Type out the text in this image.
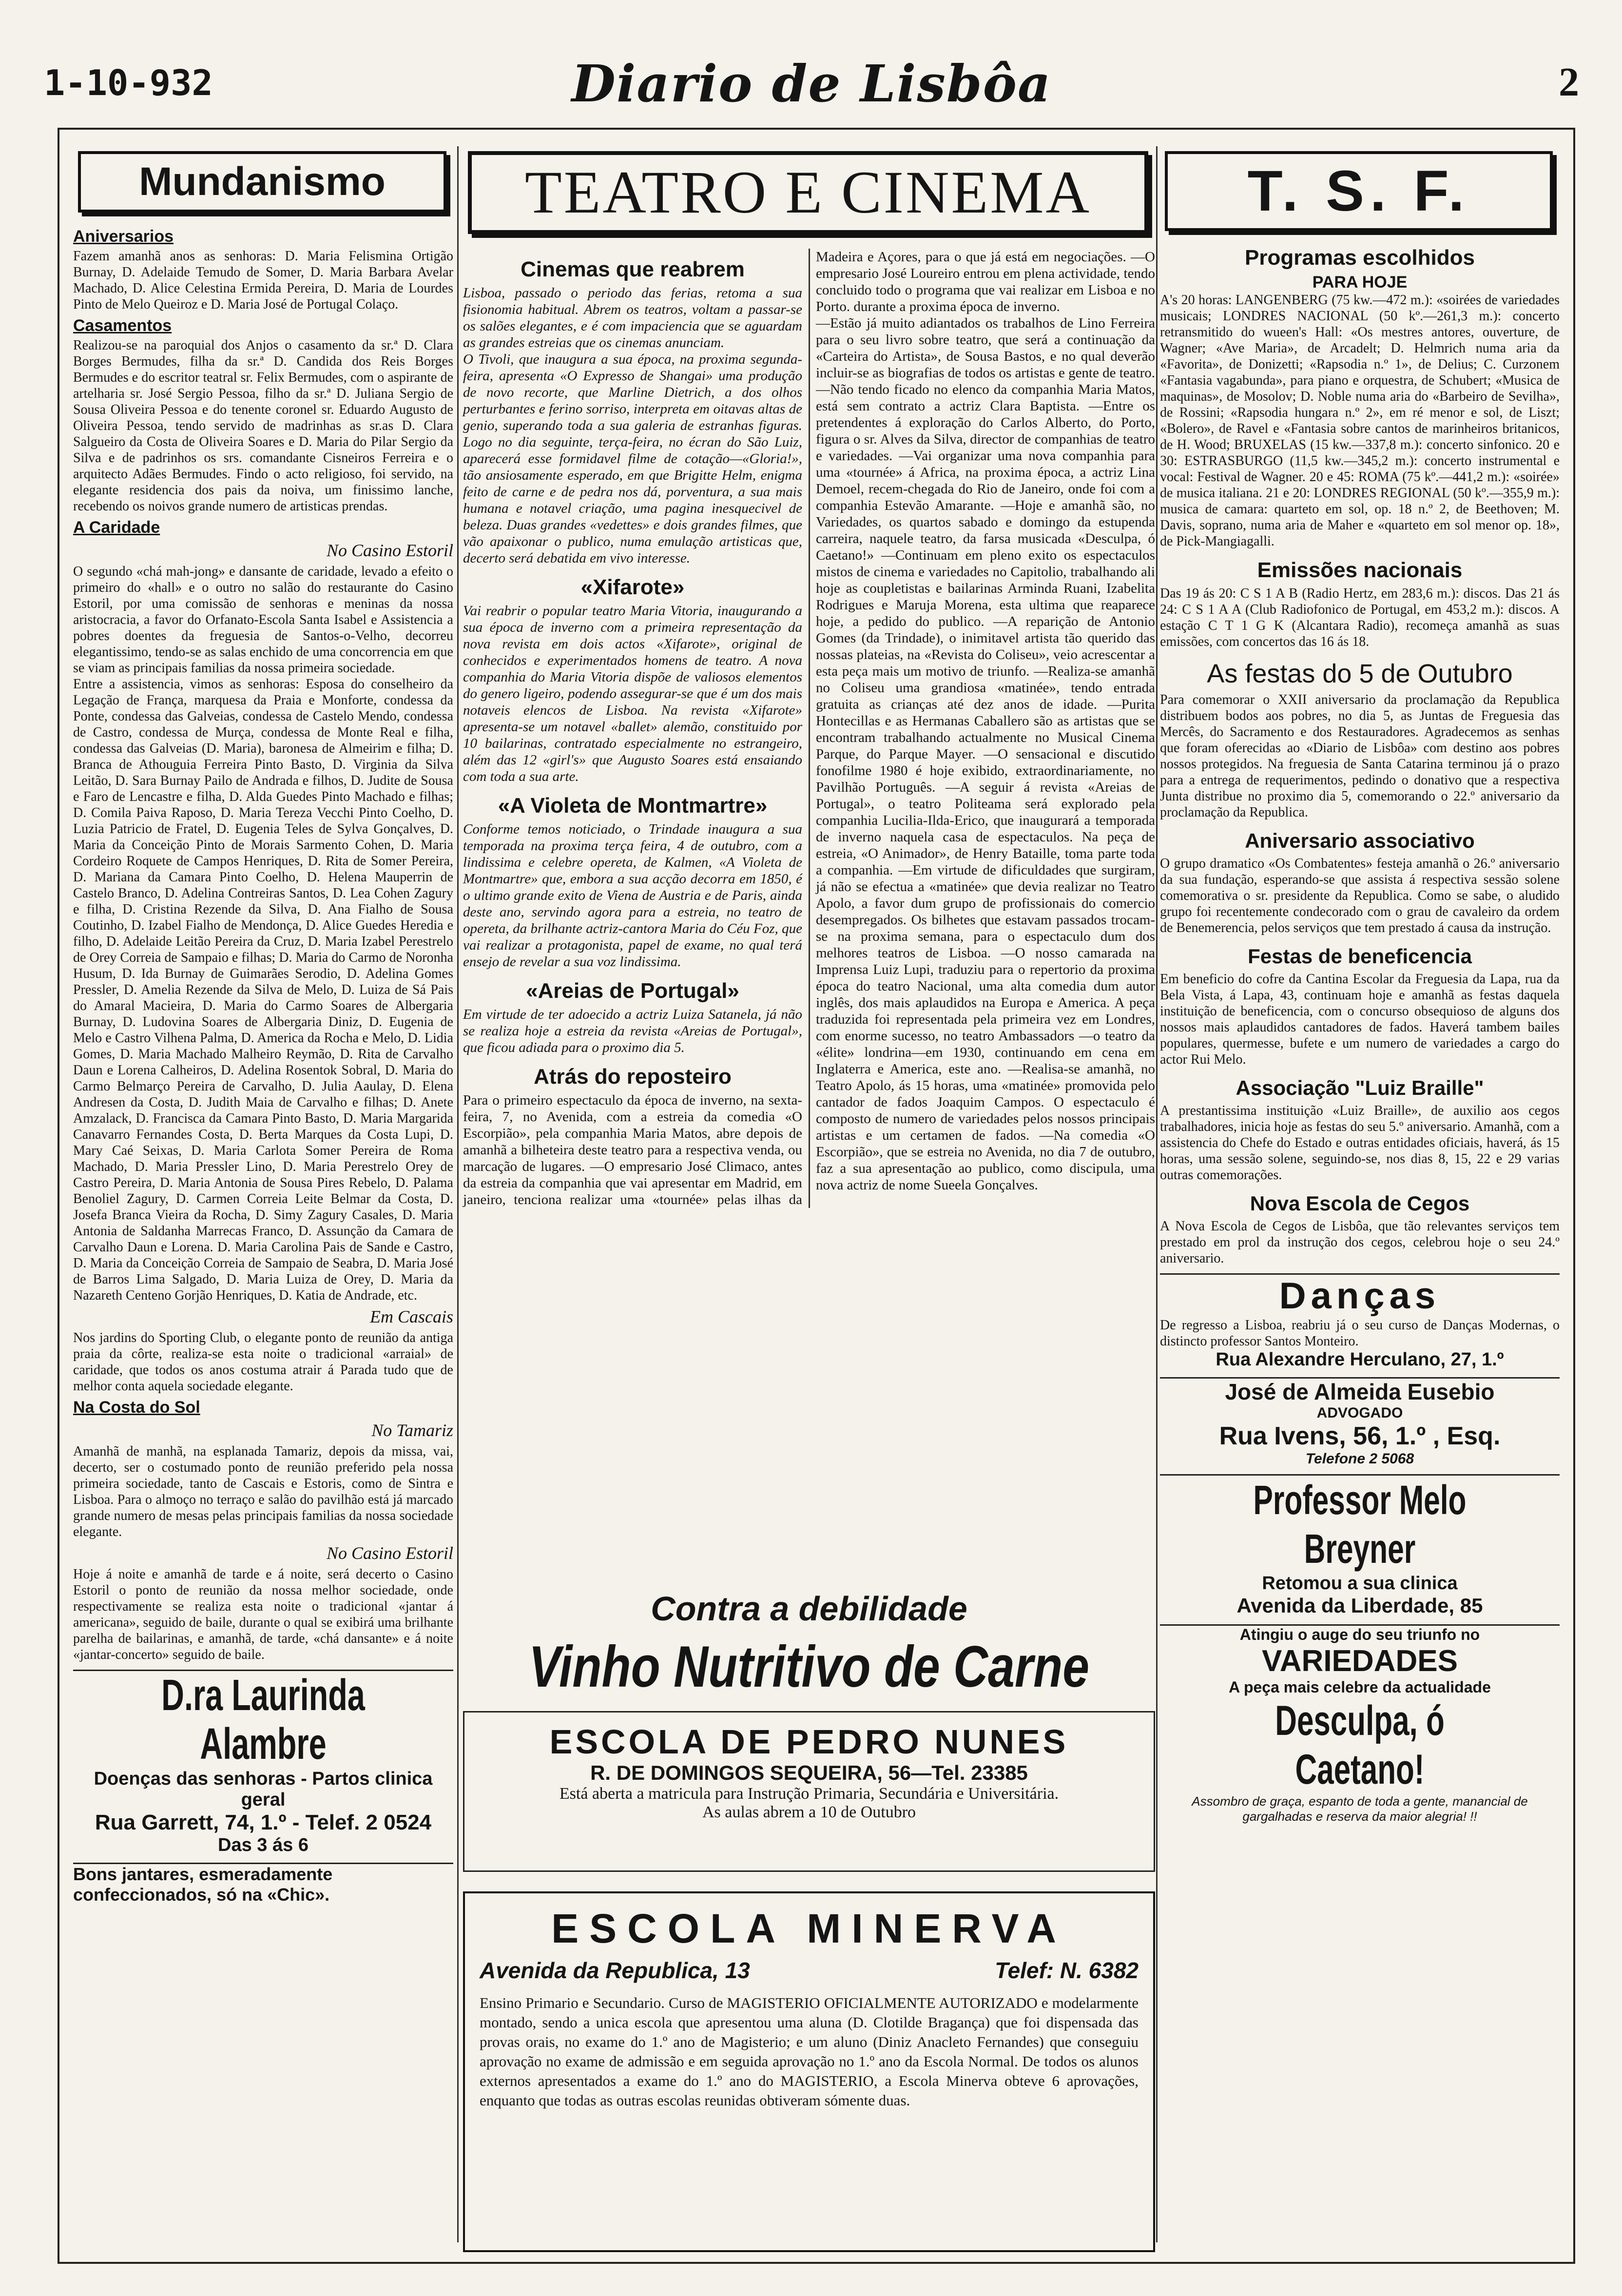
1-10-932	Diario de Lisbôa	2
Mundanismo
Aniversarios

Fazem amanhã anos as senhoras: D. Maria Felismina Ortigão Burnay, D. Adelaide Temudo de Somer, D. Maria Barbara Avelar Machado, D. Alice Celestina Ermida Pereira, D. Maria de Lourdes Pinto de Melo Queiroz e D. Maria José de Portugal Colaço.

Casamentos

Realizou-se na paroquial dos Anjos o casamento da sr.ª D. Clara Borges Bermudes, filha da sr.ª D. Candida dos Reis Borges Bermudes e do escritor teatral sr. Felix Bermudes, com o aspirante de artelharia sr. José Sergio Pessoa, filho da sr.ª D. Juliana Sergio de Sousa Oliveira Pessoa e do tenente coronel sr. Eduardo Augusto de Oliveira Pessoa, tendo servido de madrinhas as sr.as D. Clara Salgueiro da Costa de Oliveira Soares e D. Maria do Pilar Sergio da Silva e de padrinhos os srs. comandante Cisneiros Ferreira e o arquitecto Adães Bermudes. Findo o acto religioso, foi servido, na elegante residencia dos pais da noiva, um finissimo lanche, recebendo os noivos grande numero de artisticas prendas.

A Caridade
No Casino Estoril

O segundo «chá mah-jong» e dansante de caridade, levado a efeito o primeiro do «hall» e o outro no salão do restaurante do Casino Estoril, por uma comissão de senhoras e meninas da nossa aristocracia, a favor do Orfanato-Escola Santa Isabel e Assistencia a pobres doentes da freguesia de Santos-o-Velho, decorreu elegantissimo, tendo-se as salas enchido de uma concorrencia em que se viam as principais familias da nossa primeira sociedade.

Entre a assistencia, vimos as senhoras: Esposa do conselheiro da Legação de França, marquesa da Praia e Monforte, condessa da Ponte, condessa das Galveias, condessa de Castelo Mendo, condessa de Castro, condessa de Murça, condessa de Monte Real e filha, condessa das Galveias (D. Maria), baronesa de Almeirim e filha; D. Branca de Athouguia Ferreira Pinto Basto, D. Virginia da Silva Leitão, D. Sara Burnay Pailo de Andrada e filhos, D. Judite de Sousa e Faro de Lencastre e filha, D. Alda Guedes Pinto Machado e filhas; D. Comila Paiva Raposo, D. Maria Tereza Vecchi Pinto Coelho, D. Luzia Patricio de Fratel, D. Eugenia Teles de Sylva Gonçalves, D. Maria da Conceição Pinto de Morais Sarmento Cohen, D. Maria Cordeiro Roquete de Campos Henriques, D. Rita de Somer Pereira, D. Mariana da Camara Pinto Coelho, D. Helena Mauperrin de Castelo Branco, D. Adelina Contreiras Santos, D. Lea Cohen Zagury e filha, D. Cristina Rezende da Silva, D. Ana Fialho de Sousa Coutinho, D. Izabel Fialho de Mendonça, D. Alice Guedes Heredia e filho, D. Adelaide Leitão Pereira da Cruz, D. Maria Izabel Perestrelo de Orey Correia de Sampaio e filhas; D. Maria do Carmo de Noronha Husum, D. Ida Burnay de Guimarães Serodio, D. Adelina Gomes Pressler, D. Amelia Rezende da Silva de Melo, D. Luiza de Sá Pais do Amaral Macieira, D. Maria do Carmo Soares de Albergaria Burnay, D. Ludovina Soares de Albergaria Diniz, D. Eugenia de Melo e Castro Vilhena Palma, D. America da Rocha e Melo, D. Lidia Gomes, D. Maria Machado Malheiro Reymão, D. Rita de Carvalho Daun e Lorena Calheiros, D. Adelina Rosentok Sobral, D. Maria do Carmo Belmarço Pereira de Carvalho, D. Julia Aaulay, D. Elena Andresen da Costa, D. Judith Maia de Carvalho e filhas; D. Anete Amzalack, D. Francisca da Camara Pinto Basto, D. Maria Margarida Canavarro Fernandes Costa, D. Berta Marques da Costa Lupi, D. Mary Caé Seixas, D. Maria Carlota Somer Pereira de Roma Machado, D. Maria Pressler Lino, D. Maria Perestrelo Orey de Castro Pereira, D. Maria Antonia de Sousa Pires Rebelo, D. Palama Benoliel Zagury, D. Carmen Correia Leite Belmar da Costa, D. Josefa Branca Vieira da Rocha, D. Simy Zagury Casales, D. Maria Antonia de Saldanha Marrecas Franco, D. Assunção da Camara de Carvalho Daun e Lorena. D. Maria Carolina Pais de Sande e Castro, D. Maria da Conceição Correia de Sampaio de Seabra, D. Maria José de Barros Lima Salgado, D. Maria Luiza de Orey, D. Maria da Nazareth Centeno Gorjão Henriques, D. Katia de Andrade, etc.

Em Cascais

Nos jardins do Sporting Club, o elegante ponto de reunião da antiga praia da côrte, realiza-se esta noite o tradicional «arraial» de caridade, que todos os anos costuma atrair á Parada tudo que de melhor conta aquela sociedade elegante.

Na Costa do Sol
No Tamariz

Amanhã de manhã, na esplanada Tamariz, depois da missa, vai, decerto, ser o costumado ponto de reunião preferido pela nossa primeira sociedade, tanto de Cascais e Estoris, como de Sintra e Lisboa. Para o almoço no terraço e salão do pavilhão está já marcado grande numero de mesas pelas principais familias da nossa sociedade elegante.

No Casino Estoril

Hoje á noite e amanhã de tarde e á noite, será decerto o Casino Estoril o ponto de reunião da nossa melhor sociedade, onde respectivamente se realiza esta noite o tradicional «jantar á americana», seguido de baile, durante o qual se exibirá uma brilhante parelha de bailarinas, e amanhã, de tarde, «chá dansante» e á noite «jantar-concerto» seguido de baile.

D.ra Laurinda Alambre
Doenças das senhoras - Partos clinica geral
Rua Garrett, 74, 1.º - Telef. 2 0524
Das 3 ás 6
Bons jantares, esmeradamente confeccionados, só na «Chic».
TEATRO E CINEMA
Cinemas que reabrem

Lisboa, passado o periodo das ferias, retoma a sua fisionomia habitual. Abrem os teatros, voltam a passar-se os salões elegantes, e é com impaciencia que se aguardam as grandes estreias que os cinemas anunciam.

O Tivoli, que inaugura a sua época, na proxima segunda-feira, apresenta «O Expresso de Shangai» uma produção de novo recorte, que Marline Dietrich, a dos olhos perturbantes e ferino sorriso, interpreta em oitavas altas de genio, superando toda a sua galeria de estranhas figuras. Logo no dia seguinte, terça-feira, no écran do São Luiz, aparecerá esse formidavel filme de cotação—«Gloria!», tão ansiosamente esperado, em que Brigitte Helm, enigma feito de carne e de pedra nos dá, porventura, a sua mais humana e notavel criação, uma pagina inesquecivel de beleza. Duas grandes «vedettes» e dois grandes filmes, que vão apaixonar o publico, numa emulação artisticas que, decerto será debatida em vivo interesse.

«Xifarote»

Vai reabrir o popular teatro Maria Vitoria, inaugurando a sua época de inverno com a primeira representação da nova revista em dois actos «Xifarote», original de conhecidos e experimentados homens de teatro. A nova companhia do Maria Vitoria dispõe de valiosos elementos do genero ligeiro, podendo assegurar-se que é um dos mais notaveis elencos de Lisboa. Na revista «Xifarote» apresenta-se um notavel «ballet» alemão, constituido por 10 bailarinas, contratado especialmente no estrangeiro, além das 12 «girl's» que Augusto Soares está ensaiando com toda a sua arte.

«A Violeta de Montmartre»

Conforme temos noticiado, o Trindade inaugura a sua temporada na proxima terça feira, 4 de outubro, com a lindissima e celebre opereta, de Kalmen, «A Violeta de Montmartre» que, embora a sua acção decorra em 1850, é o ultimo grande exito de Viena de Austria e de Paris, ainda deste ano, servindo agora para a estreia, no teatro de opereta, da brilhante actriz-cantora Maria do Céu Foz, que vai realizar a protagonista, papel de exame, no qual terá ensejo de revelar a sua voz lindissima.

«Areias de Portugal»

Em virtude de ter adoecido a actriz Luiza Satanela, já não se realiza hoje a estreia da revista «Areias de Portugal», que ficou adiada para o proximo dia 5.

Atrás do reposteiro

Para o primeiro espectaculo da época de inverno, na sexta-feira, 7, no Avenida, com a estreia da comedia «O Escorpião», pela companhia Maria Matos, abre depois de amanhã a bilheteira deste teatro para a respectiva venda, ou marcação de lugares. —O empresario José Climaco, antes da estreia da companhia que vai apresentar em Madrid, em janeiro, tenciona realizar uma «tournée» pelas ilhas da Madeira e Açores, para o que já está em negociações. —O empresario José Loureiro entrou em plena actividade, tendo concluido todo o programa que vai realizar em Lisboa e no Porto. durante a proxima época de inverno.

—Estão já muito adiantados os trabalhos de Lino Ferreira para o seu livro sobre teatro, que será a continuação da «Carteira do Artista», de Sousa Bastos, e no qual deverão incluir-se as biografias de todos os artistas e gente de teatro. —Não tendo ficado no elenco da companhia Maria Matos, está sem contrato a actriz Clara Baptista. —Entre os pretendentes á exploração do Carlos Alberto, do Porto, figura o sr. Alves da Silva, director de companhias de teatro e variedades. —Vai organizar uma nova companhia para uma «tournée» á Africa, na proxima época, a actriz Lina Demoel, recem-chegada do Rio de Janeiro, onde foi com a companhia Estevão Amarante. —Hoje e amanhã são, no Variedades, os quartos sabado e domingo da estupenda carreira, naquele teatro, da farsa musicada «Desculpa, ó Caetano!» —Continuam em pleno exito os espectaculos mistos de cinema e variedades no Capitolio, trabalhando ali hoje as coupletistas e bailarinas Arminda Ruani, Izabelita Rodrigues e Maruja Morena, esta ultima que reaparece hoje, a pedido do publico. —A reparição de Antonio Gomes (da Trindade), o inimitavel artista tão querido das nossas plateias, na «Revista do Coliseu», veio acrescentar a esta peça mais um motivo de triunfo. —Realiza-se amanhã no Coliseu uma grandiosa «matinée», tendo entrada gratuita as crianças até dez anos de idade. —Purita Hontecillas e as Hermanas Caballero são as artistas que se encontram trabalhando actualmente no Musical Cinema Parque, do Parque Mayer. —O sensacional e discutido fonofilme 1980 é hoje exibido, extraordinariamente, no Pavilhão Português. —A seguir á revista «Areias de Portugal», o teatro Politeama será explorado pela companhia Lucilia-Ilda-Erico, que inaugurará a temporada de inverno naquela casa de espectaculos. Na peça de estreia, «O Animador», de Henry Bataille, toma parte toda a companhia. —Em virtude de dificuldades que surgiram, já não se efectua a «matinée» que devia realizar no Teatro Apolo, a favor dum grupo de profissionais do comercio desempregados. Os bilhetes que estavam passados trocam-se na proxima semana, para o espectaculo dum dos melhores teatros de Lisboa. —O nosso camarada na Imprensa Luiz Lupi, traduziu para o repertorio da proxima época do teatro Nacional, uma alta comedia dum autor inglês, dos mais aplaudidos na Europa e America. A peça traduzida foi representada pela primeira vez em Londres, com enorme sucesso, no teatro Ambassadors —o teatro da «élite» londrina—em 1930, continuando em cena em Inglaterra e America, este ano. —Realisa-se amanhã, no Teatro Apolo, ás 15 horas, uma «matinée» promovida pelo cantador de fados Joaquim Campos. O espectaculo é composto de numero de variedades pelos nossos principais artistas e um certamen de fados. —Na comedia «O Escorpião», que se estreia no Avenida, no dia 7 de outubro, faz a sua apresentação ao publico, como discipula, uma nova actriz de nome Sueela Gonçalves.

Contra a debilidade
Vinho Nutritivo de Carne
ESCOLA DE PEDRO NUNES
R. DE DOMINGOS SEQUEIRA, 56—Tel. 23385
Está aberta a matricula para Instrução Primaria, Secundária e Universitária.
As aulas abrem a 10 de Outubro
ESCOLA MINERVA
Avenida da Republica, 13	Telef: N. 6382
Ensino Primario e Secundario. Curso de MAGISTERIO OFICIALMENTE AUTORIZADO e modelarmente montado, sendo a unica escola que apresentou uma aluna (D. Clotilde Bragança) que foi dispensada das provas orais, no exame do 1.º ano de Magisterio; e um aluno (Diniz Anacleto Fernandes) que conseguiu aprovação no exame de admissão e em seguida aprovação no 1.º ano da Escola Normal. De todos os alunos externos apresentados a exame do 1.º ano do MAGISTERIO, a Escola Minerva obteve 6 aprovações, enquanto que todas as outras escolas reunidas obtiveram sómente duas.
T. S. F.
Programas escolhidos
PARA HOJE

A's 20 horas: LANGENBERG (75 kw.—472 m.): «soirées de variedades musicais; LONDRES NACIONAL (50 kº.—261,3 m.): concerto retransmitido do wueen's Hall: «Os mestres antores, ouverture, de Wagner; «Ave Maria», de Arcadelt; D. Helmrich numa aria da «Favorita», de Donizetti; «Rapsodia n.º 1», de Delius; C. Curzonem «Fantasia vagabunda», para piano e orquestra, de Schubert; «Musica de maquinas», de Mosolov; D. Noble numa aria do «Barbeiro de Sevilha», de Rossini; «Rapsodia hungara n.º 2», em ré menor e sol, de Liszt; «Bolero», de Ravel e «Fantasia sobre cantos de marinheiros britanicos, de H. Wood; BRUXELAS (15 kw.—337,8 m.): concerto sinfonico. 20 e 30: ESTRASBURGO (11,5 kw.—345,2 m.): concerto instrumental e vocal: Festival de Wagner. 20 e 45: ROMA (75 kº.—441,2 m.): «soirée» de musica italiana. 21 e 20: LONDRES REGIONAL (50 kº.—355,9 m.): musica de camara: quarteto em sol, op. 18 n.º 2, de Beethoven; M. Davis, soprano, numa aria de Maher e «quarteto em sol menor op. 18», de Pick-Mangiagalli.

Emissões nacionais

Das 19 ás 20: C S 1 A B (Radio Hertz, em 283,6 m.): discos. Das 21 ás 24: C S 1 A A (Club Radiofonico de Portugal, em 453,2 m.): discos. A estação C T 1 G K (Alcantara Radio), recomeça amanhã as suas emissões, com concertos das 16 ás 18.

As festas do 5 de Outubro

Para comemorar o XXII aniversario da proclamação da Republica distribuem bodos aos pobres, no dia 5, as Juntas de Freguesia das Mercês, do Sacramento e dos Restauradores. Agradecemos as senhas que foram oferecidas ao «Diario de Lisbôa» com destino aos pobres nossos protegidos. Na freguesia de Santa Catarina terminou já o prazo para a entrega de requerimentos, pedindo o donativo que a respectiva Junta distribue no proximo dia 5, comemorando o 22.º aniversario da proclamação da Republica.

Aniversario associativo

O grupo dramatico «Os Combatentes» festeja amanhã o 26.º aniversario da sua fundação, esperando-se que assista á respectiva sessão solene comemorativa o sr. presidente da Republica. Como se sabe, o aludido grupo foi recentemente condecorado com o grau de cavaleiro da ordem de Benemerencia, pelos serviços que tem prestado á causa da instrução.

Festas de beneficencia

Em beneficio do cofre da Cantina Escolar da Freguesia da Lapa, rua da Bela Vista, á Lapa, 43, continuam hoje e amanhã as festas daquela instituição de beneficencia, com o concurso obsequioso de alguns dos nossos mais aplaudidos cantadores de fados. Haverá tambem bailes populares, quermesse, bufete e um numero de variedades a cargo do actor Rui Melo.

Associação "Luiz Braille"

A prestantissima instituição «Luiz Braille», de auxilio aos cegos trabalhadores, inicia hoje as festas do seu 5.º aniversario. Amanhã, com a assistencia do Chefe do Estado e outras entidades oficiais, haverá, ás 15 horas, uma sessão solene, seguindo-se, nos dias 8, 15, 22 e 29 varias outras comemorações.

Nova Escola de Cegos

A Nova Escola de Cegos de Lisbôa, que tão relevantes serviços tem prestado em prol da instrução dos cegos, celebrou hoje o seu 24.º aniversario.

Danças

De regresso a Lisboa, reabriu já o seu curso de Danças Modernas, o distincto professor Santos Monteiro.

Rua Alexandre Herculano, 27, 1.º
José de Almeida Eusebio
ADVOGADO
Rua Ivens, 56, 1.º , Esq.
Telefone 2 5068
Professor Melo Breyner
Retomou a sua clinica
Avenida da Liberdade, 85
Atingiu o auge do seu triunfo no
VARIEDADES
A peça mais celebre da actualidade
Desculpa, ó Caetano!
Assombro de graça, espanto de toda a gente, manancial de gargalhadas e reserva da maior alegria! !!
